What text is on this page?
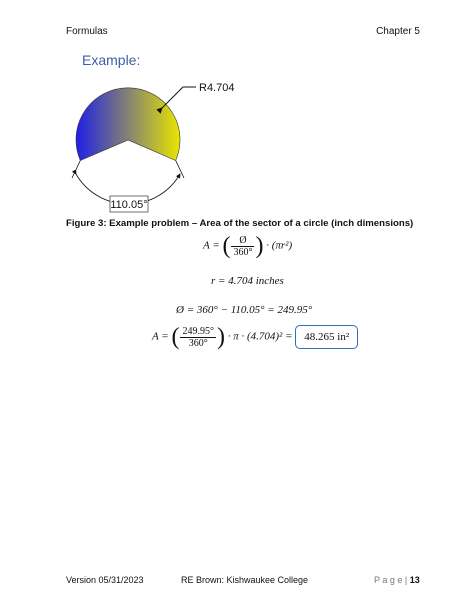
Formulas	Chapter 5
Example:
R4.704
110.05°
Figure 3: Example problem – Area of the sector of a circle (inch dimensions)
A = ( $\frac{Ø}{360^\circ}$ ) · (πr²)
r = 4.704 inches
Ø = 360° − 110.05° = 249.95°
A = ( $\frac{249.95^\circ}{360^\circ}$ ) · π · (4.704)² = 48.265 in²
Version 05/31/2023	RE Brown: Kishwaukee College	P a g e | 13
